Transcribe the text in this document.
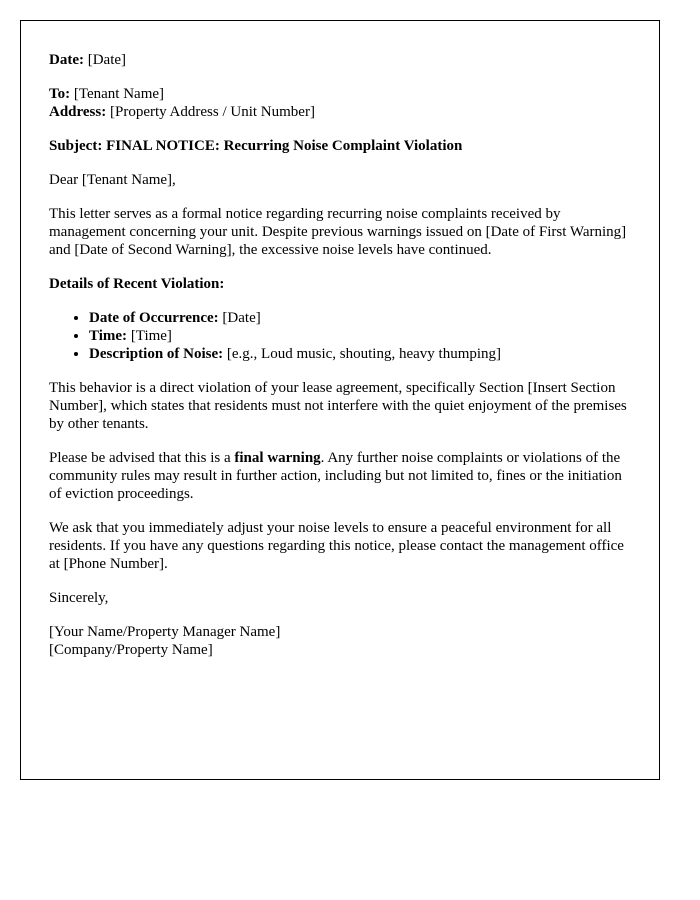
Date: [Date]

To: [Tenant Name]
Address: [Property Address / Unit Number]

Subject: FINAL NOTICE: Recurring Noise Complaint Violation

Dear [Tenant Name],

This letter serves as a formal notice regarding recurring noise complaints received by management concerning your unit. Despite previous warnings issued on [Date of First Warning] and [Date of Second Warning], the excessive noise levels have continued.

Details of Recent Violation:

• Date of Occurrence: [Date]
• Time: [Time]
• Description of Noise: [e.g., Loud music, shouting, heavy thumping]

This behavior is a direct violation of your lease agreement, specifically Section [Insert Section Number], which states that residents must not interfere with the quiet enjoyment of the premises by other tenants.

Please be advised that this is a final warning. Any further noise complaints or violations of the community rules may result in further action, including but not limited to, fines or the initiation of eviction proceedings.

We ask that you immediately adjust your noise levels to ensure a peaceful environment for all residents. If you have any questions regarding this notice, please contact the management office at [Phone Number].

Sincerely,

[Your Name/Property Manager Name]
[Company/Property Name]
